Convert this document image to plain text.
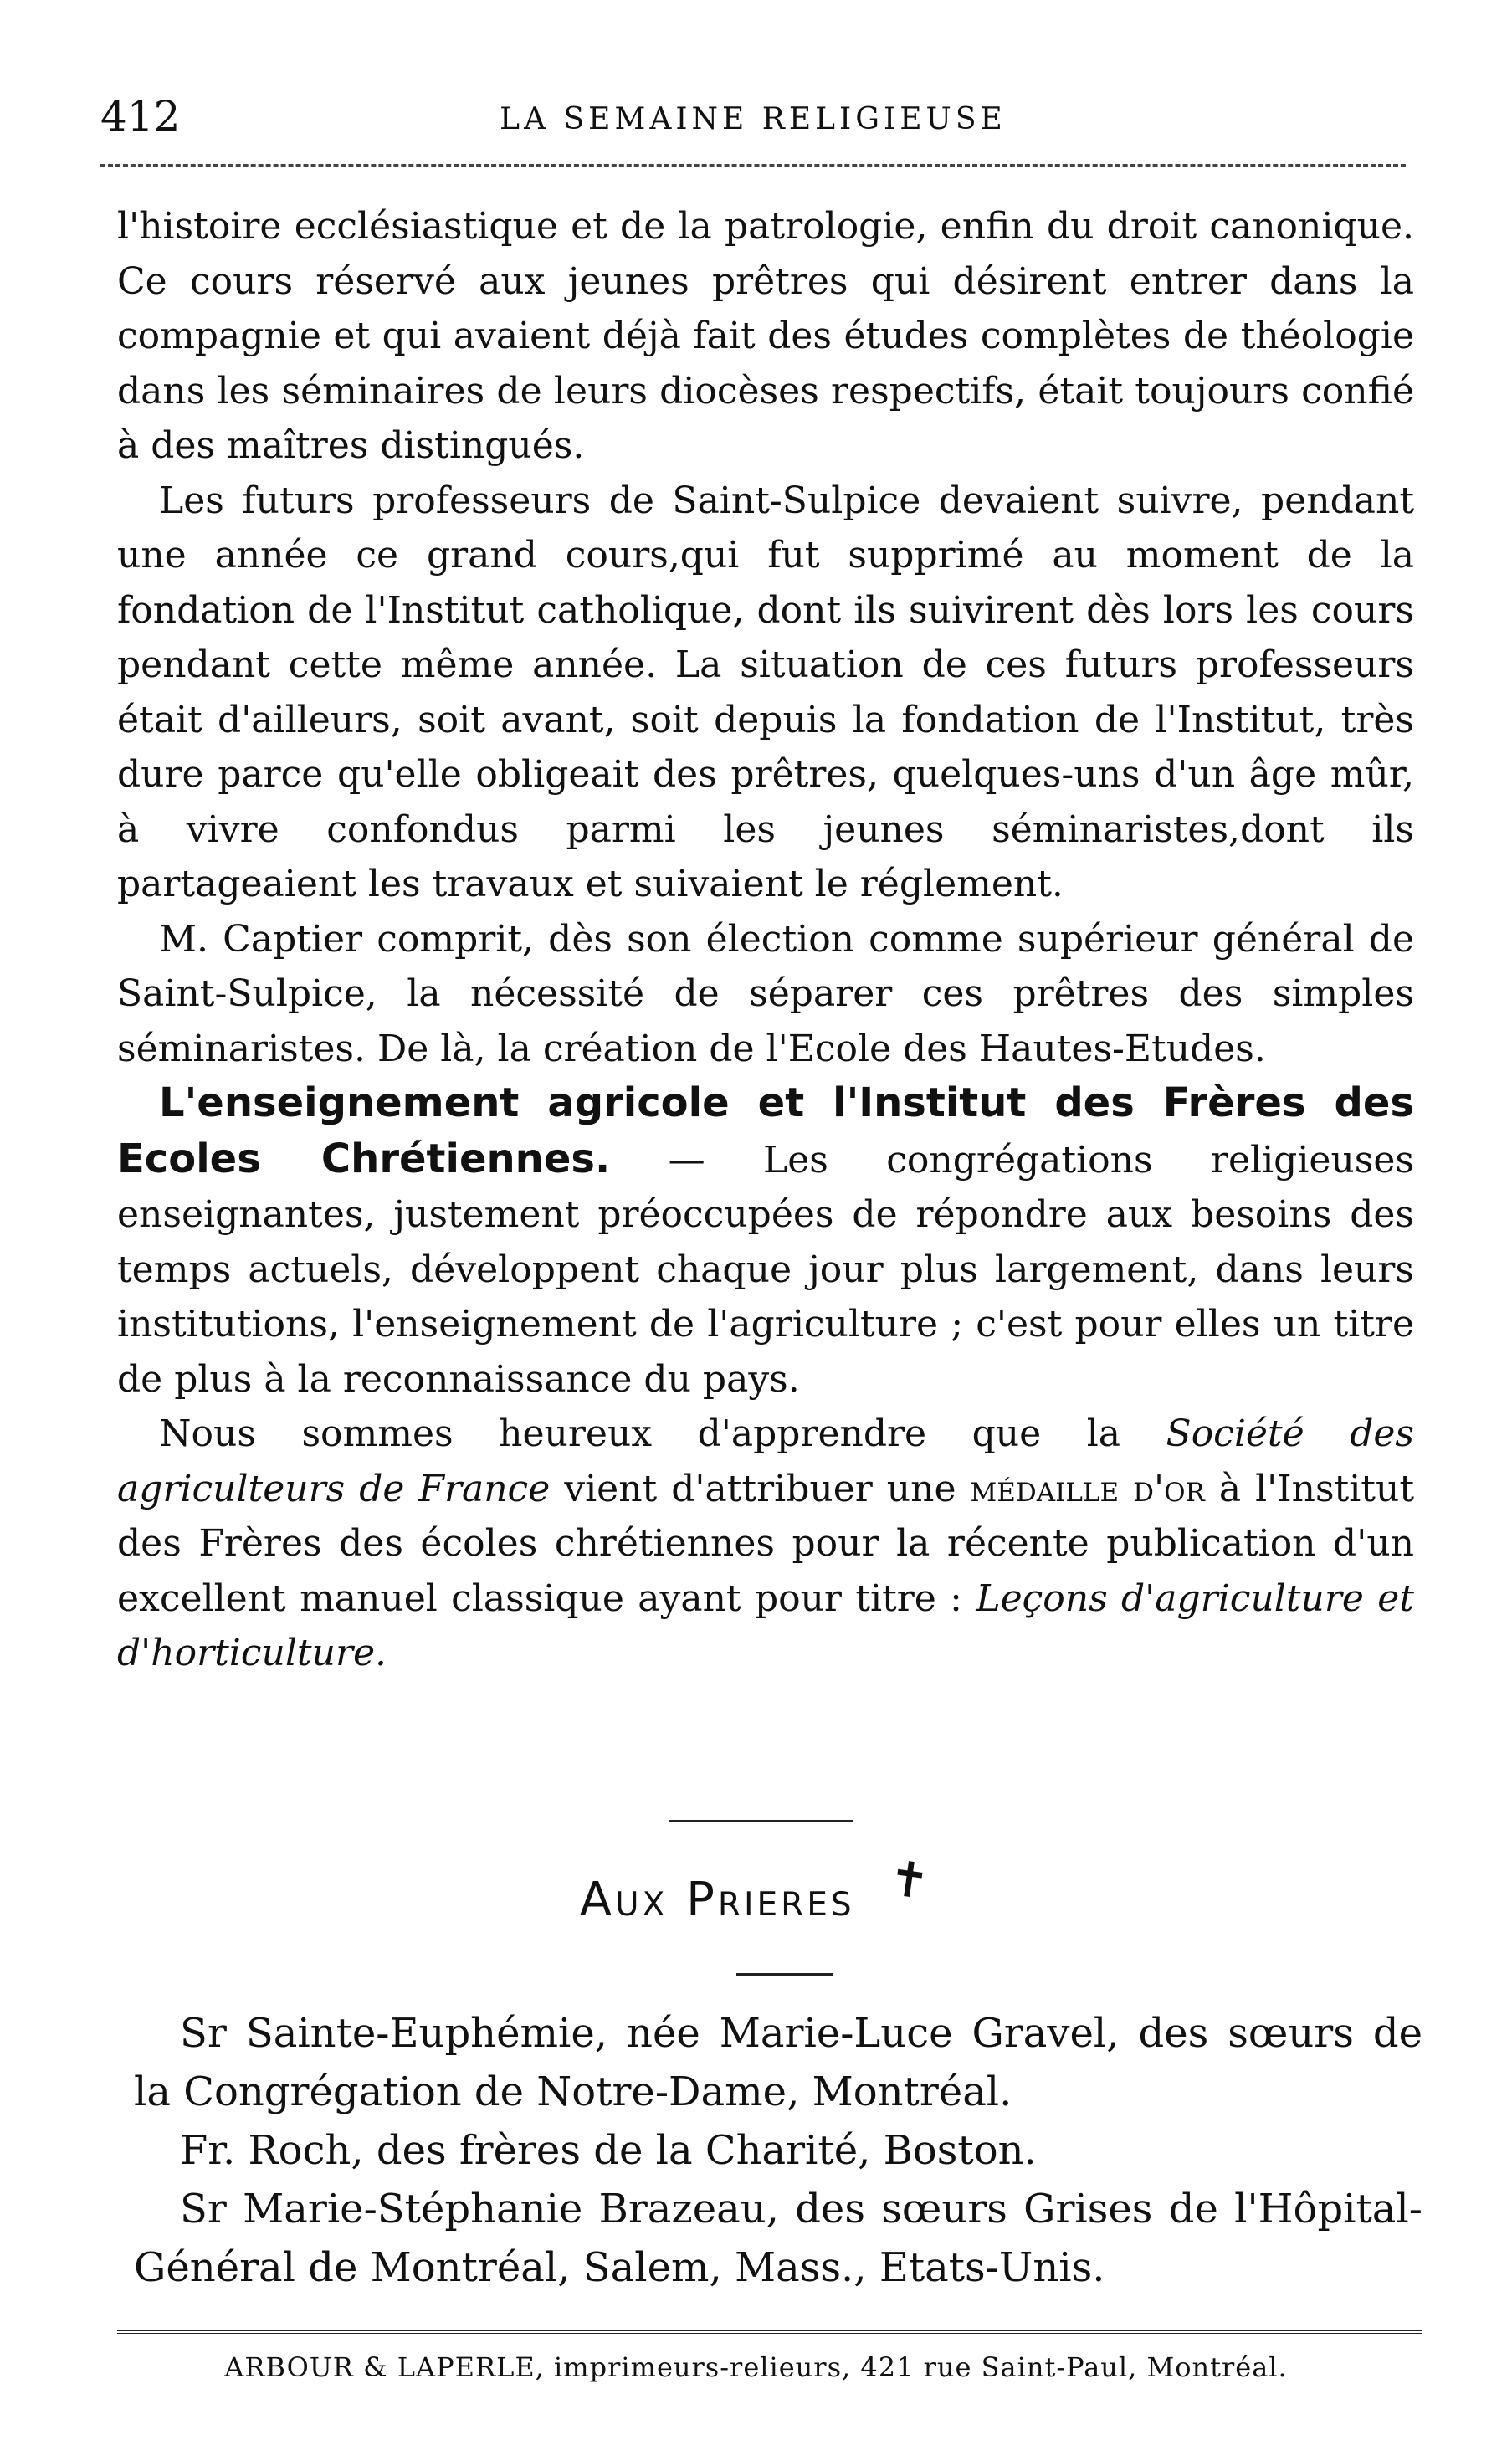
412	LA SEMAINE RELIGIEUSE

l'histoire ecclésiastique et de la patrologie, enfin du droit canonique. Ce cours réservé aux jeunes prêtres qui désirent entrer dans la compagnie et qui avaient déjà fait des études complètes de théologie dans les séminaires de leurs diocèses respectifs, était toujours confié à des maîtres distingués.

Les futurs professeurs de Saint-Sulpice devaient suivre, pendant une année ce grand cours,qui fut supprimé au moment de la fondation de l'Institut catholique, dont ils suivirent dès lors les cours pendant cette même année. La situation de ces futurs professeurs était d'ailleurs, soit avant, soit depuis la fondation de l'Institut, très dure parce qu'elle obligeait des prêtres, quelques-uns d'un âge mûr, à vivre confondus parmi les jeunes séminaristes,dont ils partageaient les travaux et suivaient le réglement.

M. Captier comprit, dès son élection comme supérieur général de Saint-Sulpice, la nécessité de séparer ces prêtres des simples séminaristes. De là, la création de l'Ecole des Hautes-Etudes.

L'enseignement agricole et l'Institut des Frères des Ecoles Chrétiennes. — Les congrégations religieuses enseignantes, justement préoccupées de répondre aux besoins des temps actuels, développent chaque jour plus largement, dans leurs institutions, l'enseignement de l'agriculture ; c'est pour elles un titre de plus à la reconnaissance du pays.

Nous sommes heureux d'apprendre que la Société des agriculteurs de France vient d'attribuer une médaille d'or à l'Institut des Frères des écoles chrétiennes pour la récente publication d'un excellent manuel classique ayant pour titre : Leçons d'agriculture et d'horticulture.

Aux Prieres ✝

Sr Sainte-Euphémie, née Marie-Luce Gravel, des sœurs de la Congrégation de Notre-Dame, Montréal.

Fr. Roch, des frères de la Charité, Boston.

Sr Marie-Stéphanie Brazeau, des sœurs Grises de l'Hôpital-Général de Montréal, Salem, Mass., Etats-Unis.

ARBOUR & LAPERLE, imprimeurs-relieurs, 421 rue Saint-Paul, Montréal.
